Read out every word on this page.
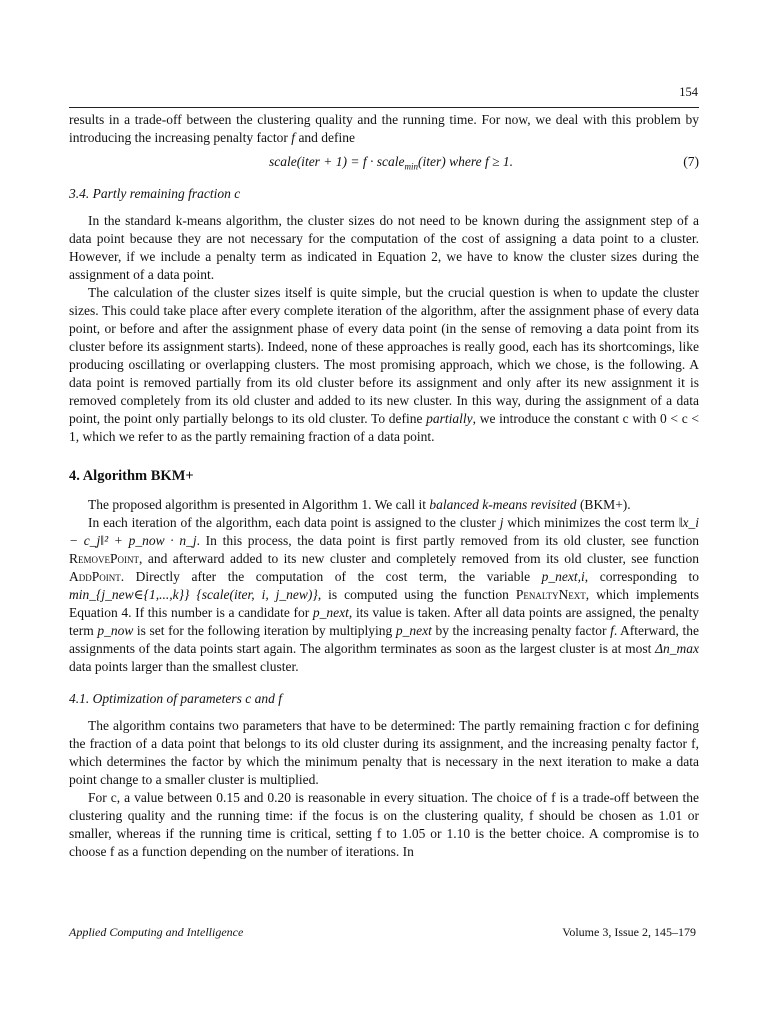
154

results in a trade-off between the clustering quality and the running time. For now, we deal with this problem by introducing the increasing penalty factor f and define

scale(iter + 1) = f · scale$_{min}$(iter) where f ≥ 1.	(7)
3.4. Partly remaining fraction c

In the standard k-means algorithm, the cluster sizes do not need to be known during the assignment step of a data point because they are not necessary for the computation of the cost of assigning a data point to a cluster. However, if we include a penalty term as indicated in Equation 2, we have to know the cluster sizes during the assignment of a data point.

The calculation of the cluster sizes itself is quite simple, but the crucial question is when to update the cluster sizes. This could take place after every complete iteration of the algorithm, after the assignment phase of every data point, or before and after the assignment phase of every data point (in the sense of removing a data point from its cluster before its assignment starts). Indeed, none of these approaches is really good, each has its shortcomings, like producing oscillating or overlapping clusters. The most promising approach, which we chose, is the following. A data point is removed partially from its old cluster before its assignment and only after its new assignment it is removed completely from its old cluster and added to its new cluster. In this way, during the assignment of a data point, the point only partially belongs to its old cluster. To define partially, we introduce the constant c with 0 < c < 1, which we refer to as the partly remaining fraction of a data point.

4. Algorithm BKM+

The proposed algorithm is presented in Algorithm 1. We call it balanced k-means revisited (BKM+).

In each iteration of the algorithm, each data point is assigned to the cluster j which minimizes the cost term ‖x_i − c_j‖² + p_now · n_j. In this process, the data point is first partly removed from its old cluster, see function RemovePoint, and afterward added to its new cluster and completely removed from its old cluster, see function AddPoint. Directly after the computation of the cost term, the variable p_next,i, corresponding to min_{j_new∈{1,...,k}} {scale(iter, i, j_new)}, is computed using the function PenaltyNext, which implements Equation 4. If this number is a candidate for p_next, its value is taken. After all data points are assigned, the penalty term p_now is set for the following iteration by multiplying p_next by the increasing penalty factor f. Afterward, the assignments of the data points start again. The algorithm terminates as soon as the largest cluster is at most Δn_max data points larger than the smallest cluster.

4.1. Optimization of parameters c and f

The algorithm contains two parameters that have to be determined: The partly remaining fraction c for defining the fraction of a data point that belongs to its old cluster during its assignment, and the increasing penalty factor f, which determines the factor by which the minimum penalty that is necessary in the next iteration to make a data point change to a smaller cluster is multiplied.

For c, a value between 0.15 and 0.20 is reasonable in every situation. The choice of f is a trade-off between the clustering quality and the running time: if the focus is on the clustering quality, f should be chosen as 1.01 or smaller, whereas if the running time is critical, setting f to 1.05 or 1.10 is the better choice. A compromise is to choose f as a function depending on the number of iterations. In

Applied Computing and Intelligence	Volume 3, Issue 2, 145–179
